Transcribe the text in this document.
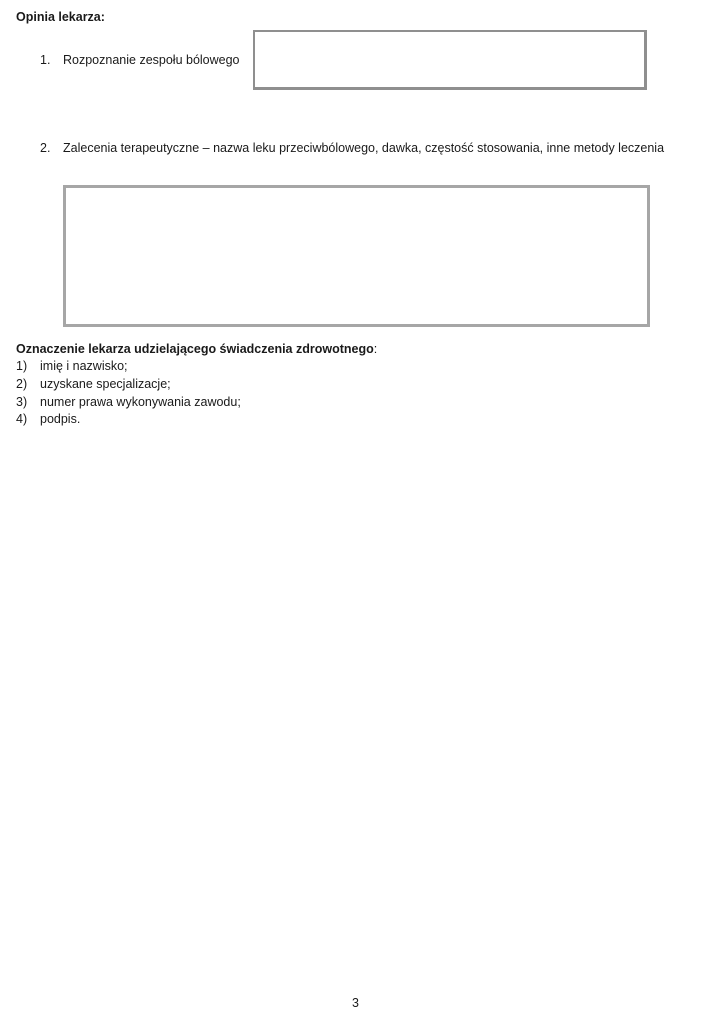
Opinia lekarza:
1. Rozpoznanie zespołu bólowego
2. Zalecenia terapeutyczne – nazwa leku przeciwbólowego, dawka, częstość stosowania, inne metody leczenia
Oznaczenie lekarza udzielającego świadczenia zdrowotnego:
1) imię i nazwisko;
2) uzyskane specjalizacje;
3) numer prawa wykonywania zawodu;
4) podpis.
3
